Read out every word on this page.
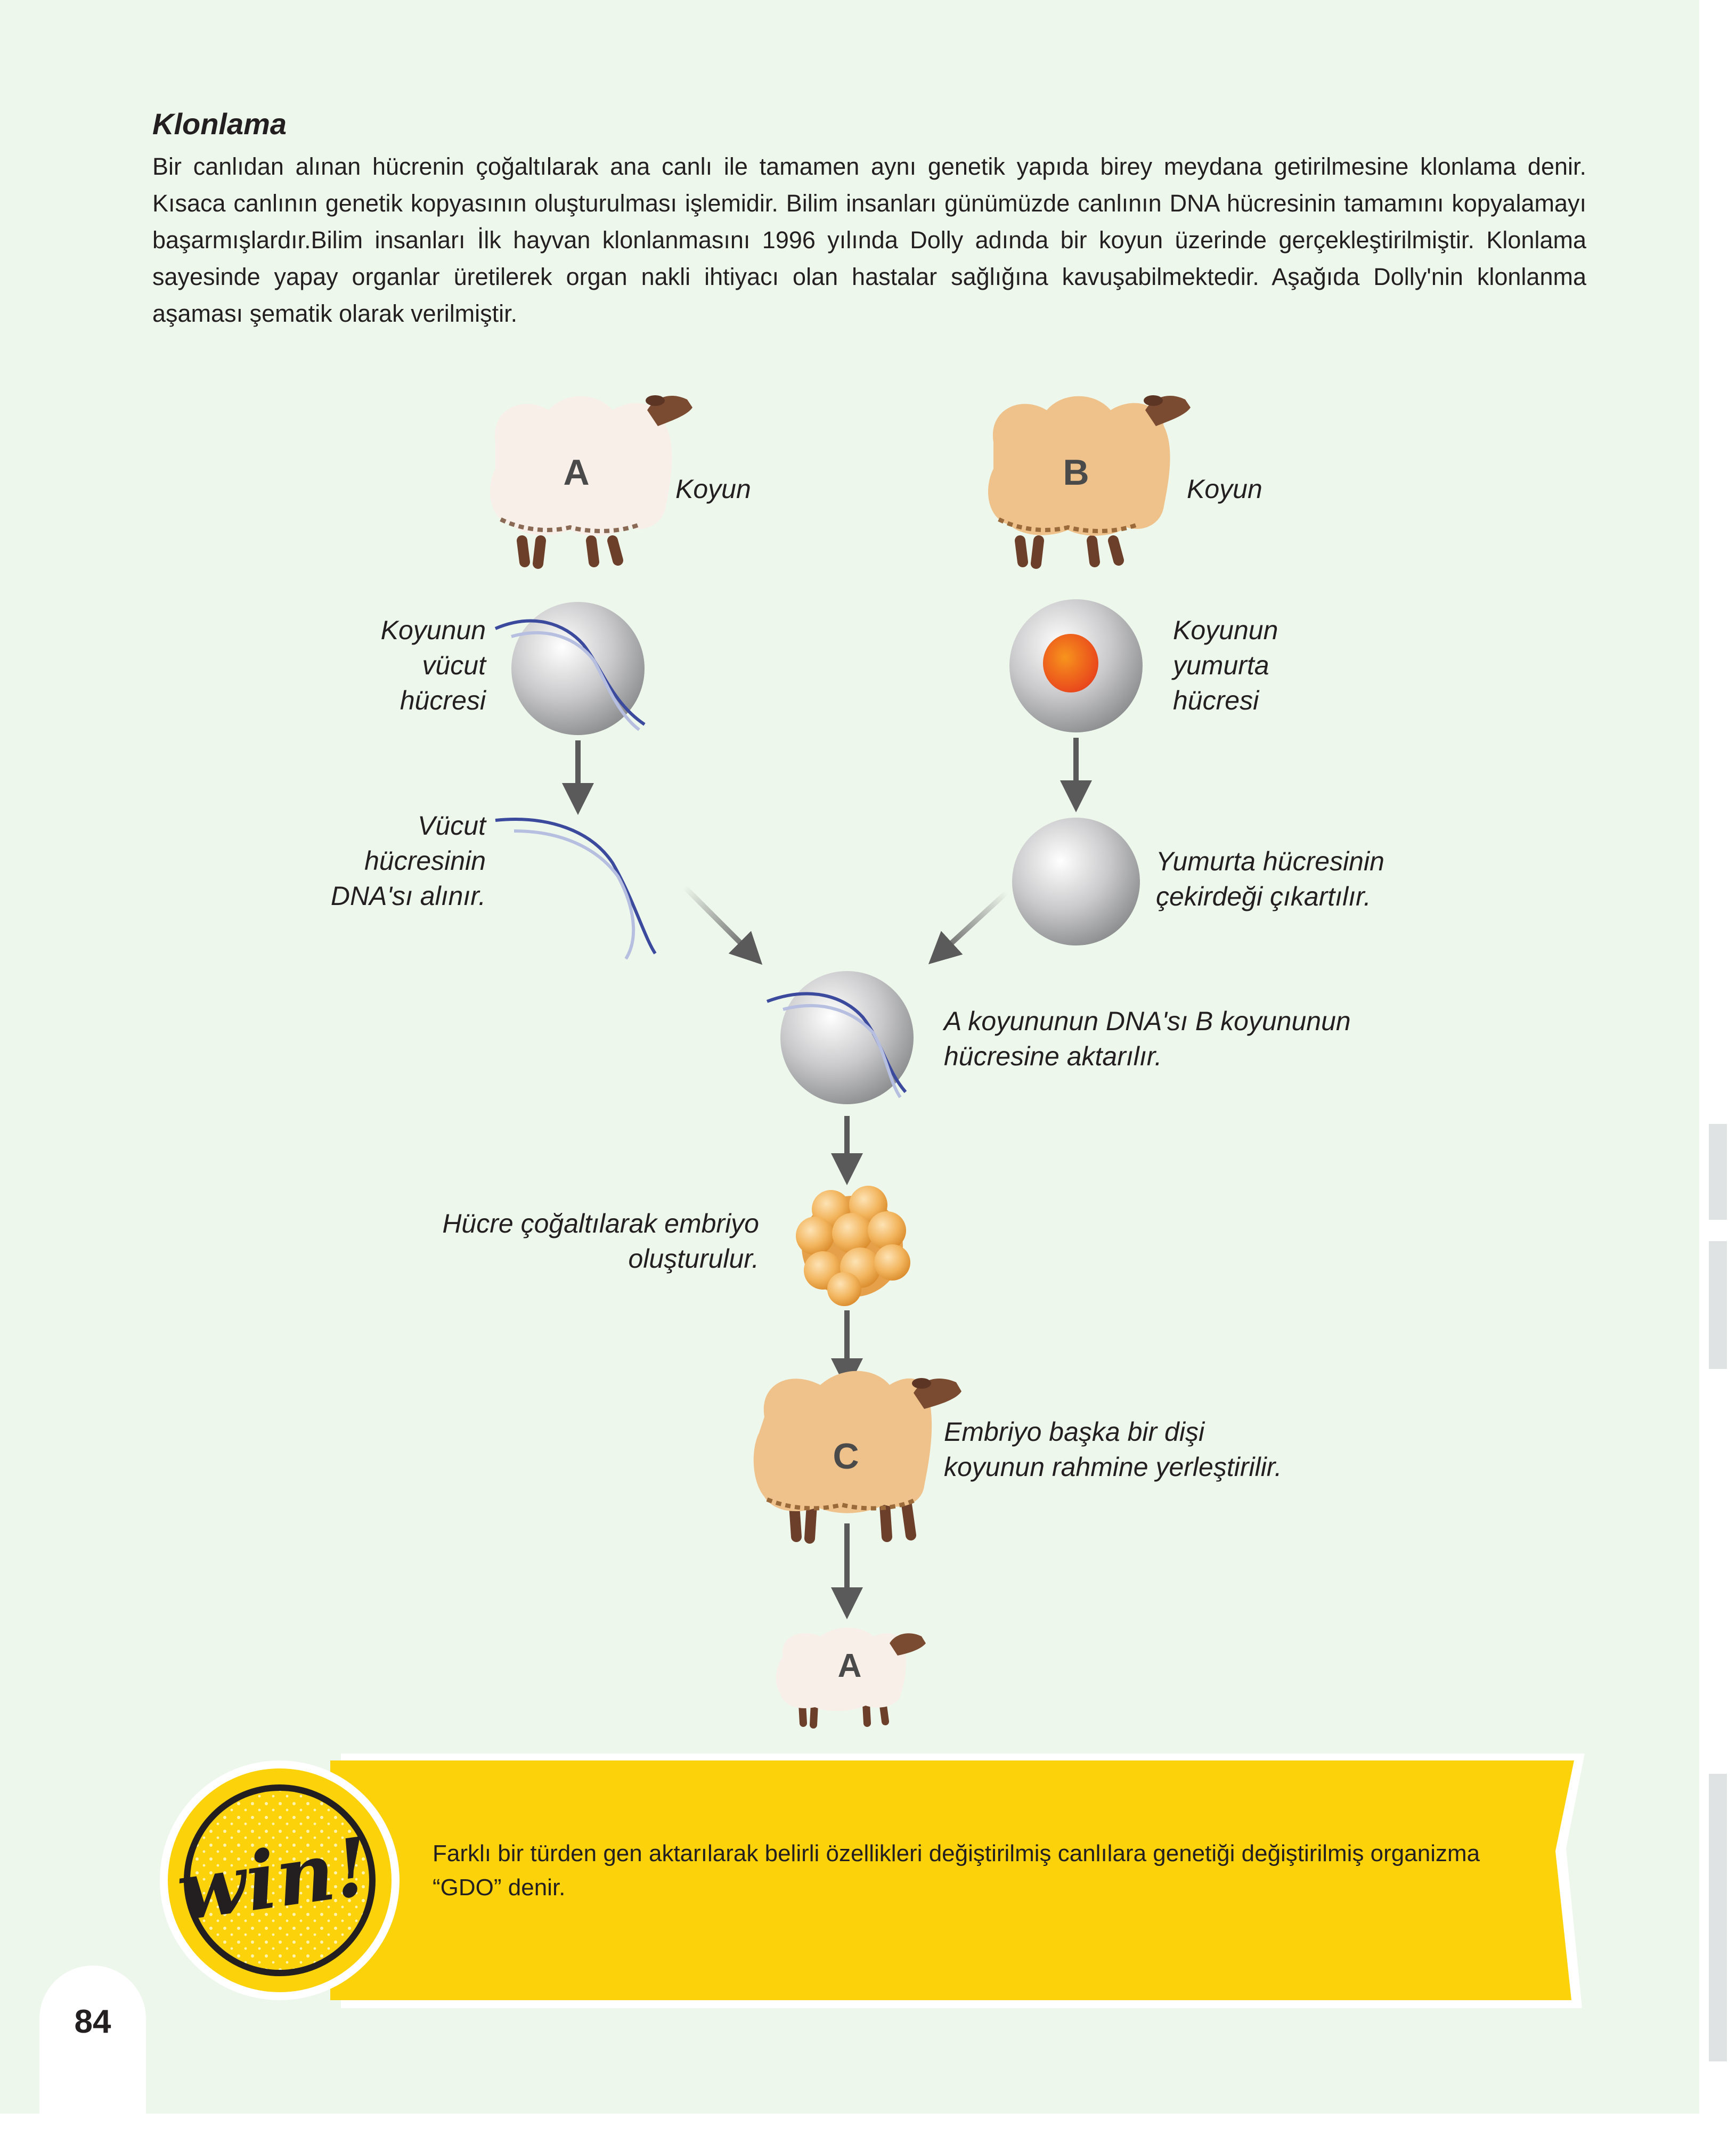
Klonlama

Bir canlıdan alınan hücrenin çoğaltılarak ana canlı ile tamamen aynı genetik yapıda birey meydana getirilmesine klonlama denir. Kısaca canlının genetik kopyasının oluşturulması işlemidir. Bilim insanları günümüzde canlının DNA hücresinin tamamını kopyalamayı başarmışlardır.Bilim insanları İlk hayvan klonlanmasını 1996 yılında Dolly adında bir koyun üzerinde gerçekleştirilmiştir. Klonlama sayesinde yapay organlar üretilerek organ nakli ihtiyacı olan hastalar sağlığına kavuşabilmektedir. Aşağıda Dolly'nin klonlanma aşaması şematik olarak verilmiştir.

win!
A	Koyun	B	Koyun
Koyunun
vücut
hücresi
Koyunun
yumurta
hücresi
Vücut
hücresinin
DNA'sı alınır.
Yumurta hücresinin
çekirdeği çıkartılır.
A koyununun DNA'sı B koyununun
hücresine aktarılır.
Hücre çoğaltılarak embriyo
oluşturulur.
C
Embriyo başka bir dişi
koyunun rahmine yerleştirilir.
A

Farklı bir türden gen aktarılarak belirli özellikleri değiştirilmiş canlılara genetiği değiştirilmiş organizma “GDO” denir.

84
